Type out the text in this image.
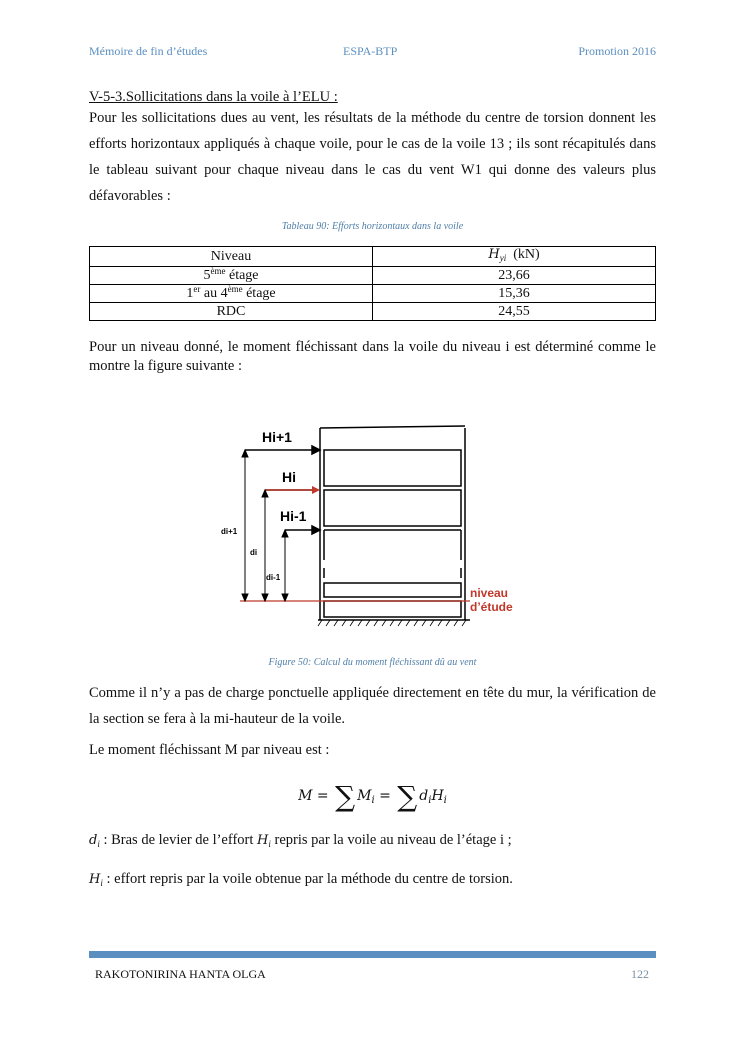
Mémoire de fin d’études	ESPA-BTP	Promotion 2016
V-5-3.Sollicitations dans la voile à l’ELU :
Pour les sollicitations dues au vent, les résultats de la méthode du centre de torsion donnent les efforts horizontaux appliqués à chaque voile, pour le cas de la voile 13 ; ils sont récapitulés dans le tableau suivant pour chaque niveau dans le cas du vent W1 qui donne des valeurs plus défavorables :
Tableau 90: Efforts horizontaux dans la voile
Niveau	$H_{yi}$ (kN)
5ème étage	23,66
1er au 4ème étage	15,36
RDC	24,55
Pour un niveau donné, le moment fléchissant dans la voile du niveau i est déterminé comme le montre la figure suivante :
Hi+1
Hi
Hi-1
di+1
di
di-1
niveau
d’étude
Figure 50: Calcul du moment fléchissant dû au vent
Comme il n’y a pas de charge ponctuelle appliquée directement en tête du mur, la vérification de la section se fera à la mi-hauteur de la voile.
Le moment fléchissant M par niveau est :
M = ∑ $M_i$ = ∑ $d_iH_i$
$d_i$ : Bras de levier de l’effort $H_i$ repris par la voile au niveau de l’étage i ;
$H_i$ : effort repris par la voile obtenue par la méthode du centre de torsion.
RAKOTONIRINA HANTA OLGA	122
